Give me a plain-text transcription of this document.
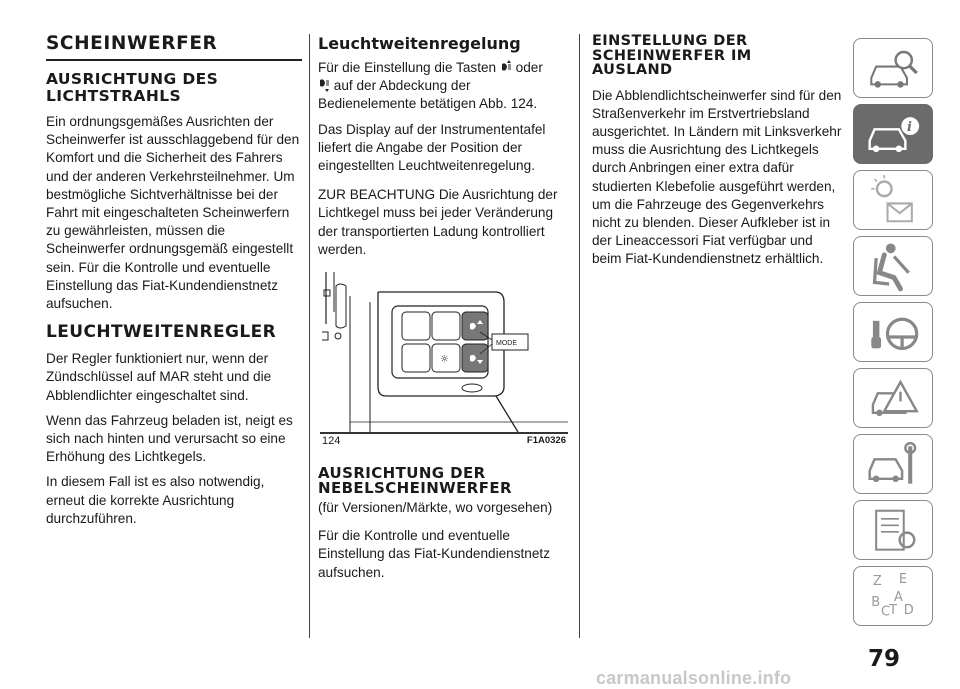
SCHEINWERFER
AUSRICHTUNG DES
LICHTSTRAHLS

Ein ordnungsgemäßes Ausrichten der Scheinwerfer ist ausschlaggebend für den Komfort und die Sicherheit des Fahrers und der anderen Verkehrsteilnehmer. Um bestmögliche Sichtverhältnisse bei der Fahrt mit eingeschalteten Scheinwerfern zu gewährleisten, müssen die Scheinwerfer ordnungsgemäß eingestellt sein. Für die Kontrolle und eventuelle Einstellung das Fiat-Kundendienstnetz aufsuchen.

LEUCHTWEITENREGLER

Der Regler funktioniert nur, wenn der Zündschlüssel auf MAR steht und die Abblendlichter eingeschaltet sind.

Wenn das Fahrzeug beladen ist, neigt es sich nach hinten und verursacht so eine Erhöhung des Lichtkegels.

In diesem Fall ist es also notwendig, erneut die korrekte Ausrichtung durchzuführen.

Leuchtweitenregelung

Für die Einstellung die Tasten oder
auf der Abdeckung der Bedienelemente betätigen Abb. 124.

Das Display auf der Instrumententafel liefert die Angabe der Position der eingestellten Leuchtweitenregelung.

ZUR BEACHTUNG Die Ausrichtung der Lichtkegel muss bei jeder Veränderung der transportierten Ladung kontrolliert werden.

☼
MODE
124	F1A0326
AUSRICHTUNG DER
NEBELSCHEINWERFER

(für Versionen/Märkte, wo vorgesehen)

Für die Kontrolle und eventuelle Einstellung das Fiat-Kundendienstnetz aufsuchen.

EINSTELLUNG DER
SCHEINWERFER IM
AUSLAND

Die Abblendlichtscheinwerfer sind für den Straßenverkehr im Erstvertriebsland ausgerichtet. In Ländern mit Linksverkehr muss die Ausrichtung des Lichtkegels durch Anbringen einer extra dafür studierten Klebefolie ausgeführt werden, um die Fahrzeuge des Gegenverkehrs nicht zu blenden. Dieser Aufkleber ist in der Lineaccessori Fiat verfügbar und beim Fiat-Kundendienstnetz erhältlich.

i
79
carmanualsonline.info
Z E
B A
C T D
